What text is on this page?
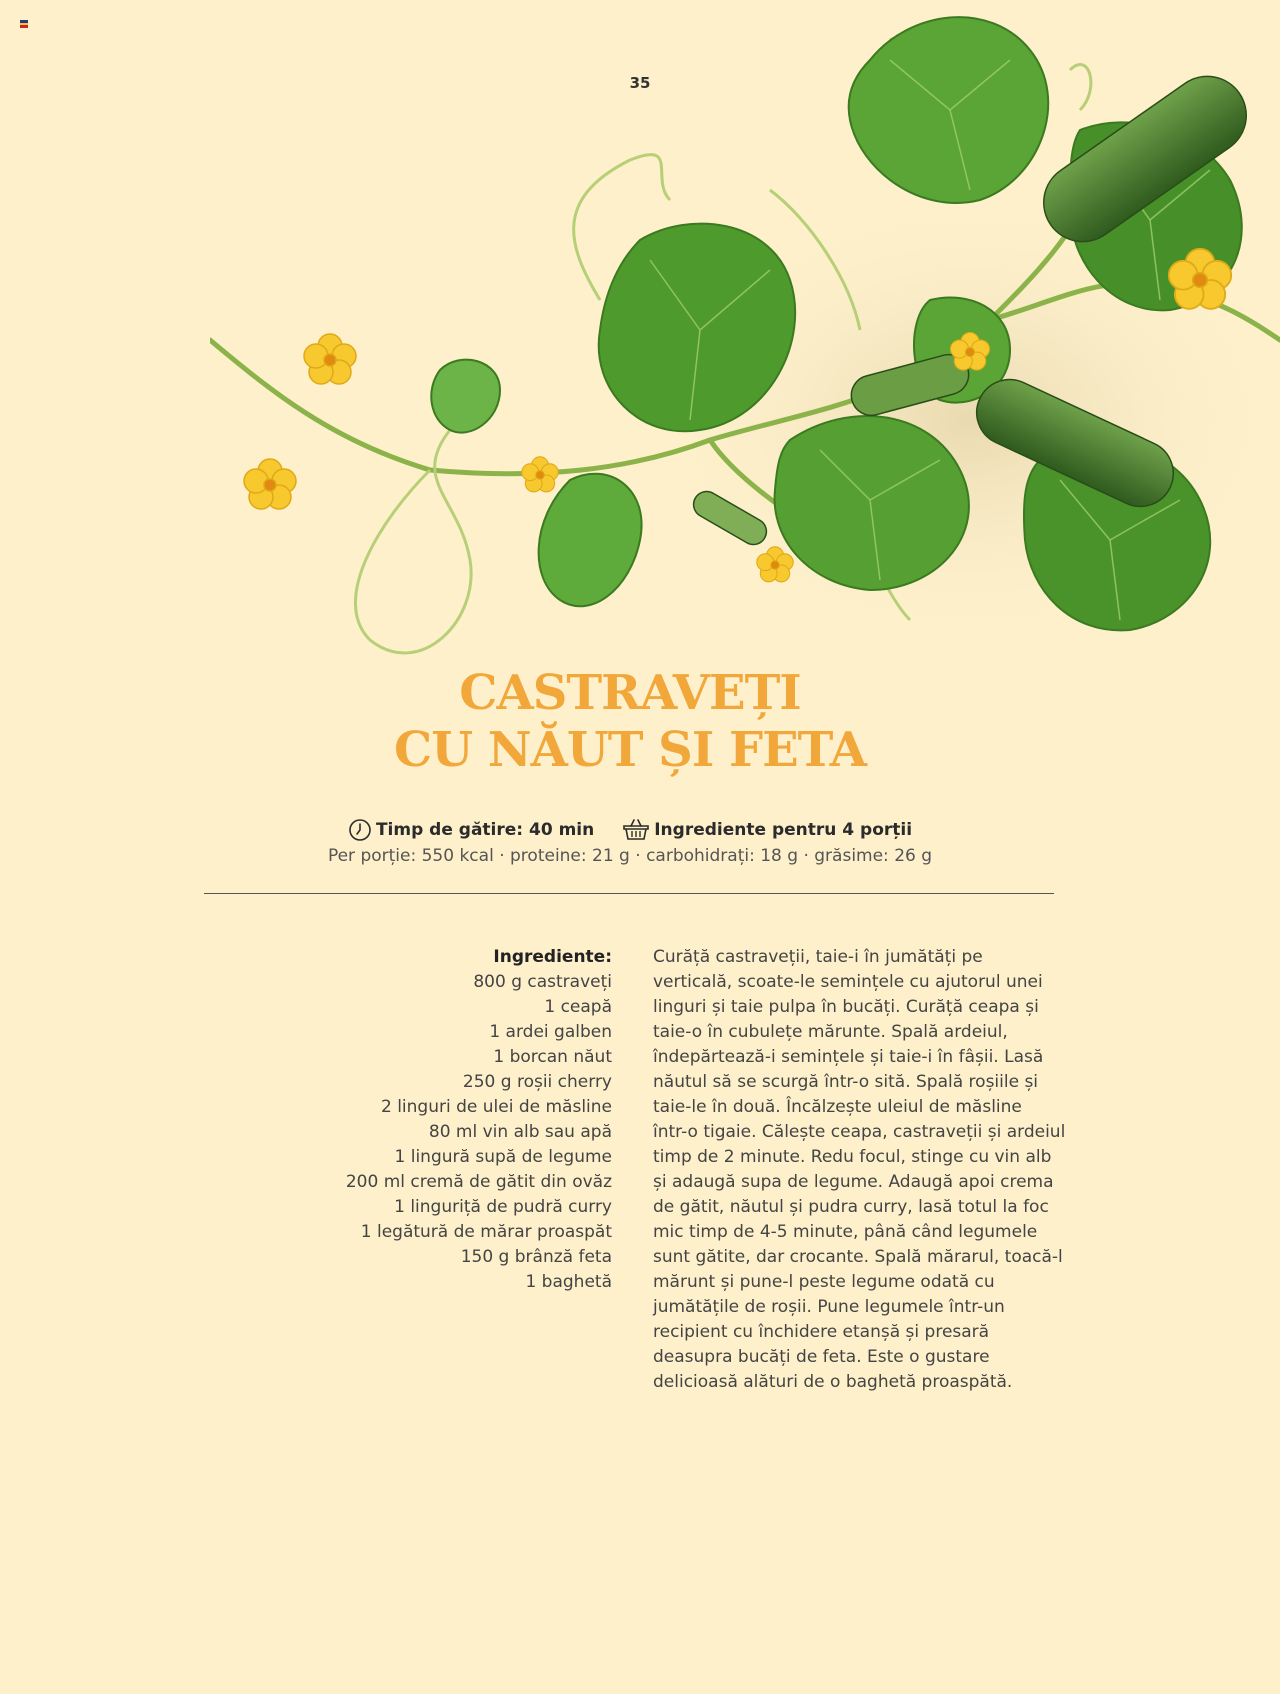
35
CASTRAVEȚI
CU NĂUT ȘI FETA
Timp de gătire: 40 min	Ingrediente pentru 4 porții
Per porție: 550 kcal · proteine: 21 g · carbohidrați: 18 g · grăsime: 26 g
Ingrediente:
800 g castraveți
1 ceapă
1 ardei galben
1 borcan năut
250 g roșii cherry
2 linguri de ulei de măsline
80 ml vin alb sau apă
1 lingură supă de legume
200 ml cremă de gătit din ovăz
1 linguriță de pudră curry
1 legătură de mărar proaspăt
150 g brânză feta
1 baghetă
Curăță castraveții, taie-i în jumătăți pe
verticală, scoate-le semințele cu ajutorul unei
linguri și taie pulpa în bucăți. Curăță ceapa și
taie-o în cubulețe mărunte. Spală ardeiul,
îndepărtează-i semințele și taie-i în fâșii. Lasă
năutul să se scurgă într-o sită. Spală roșiile și
taie-le în două. Încălzește uleiul de măsline
într-o tigaie. Călește ceapa, castraveții și ardeiul
timp de 2 minute. Redu focul, stinge cu vin alb
și adaugă supa de legume. Adaugă apoi crema
de gătit, năutul și pudra curry, lasă totul la foc
mic timp de 4-5 minute, până când legumele
sunt gătite, dar crocante. Spală mărarul, toacă-l
mărunt și pune-l peste legume odată cu
jumătățile de roșii. Pune legumele într-un
recipient cu închidere etanșă și presară
deasupra bucăți de feta. Este o gustare
delicioasă alături de o baghetă proaspătă.
